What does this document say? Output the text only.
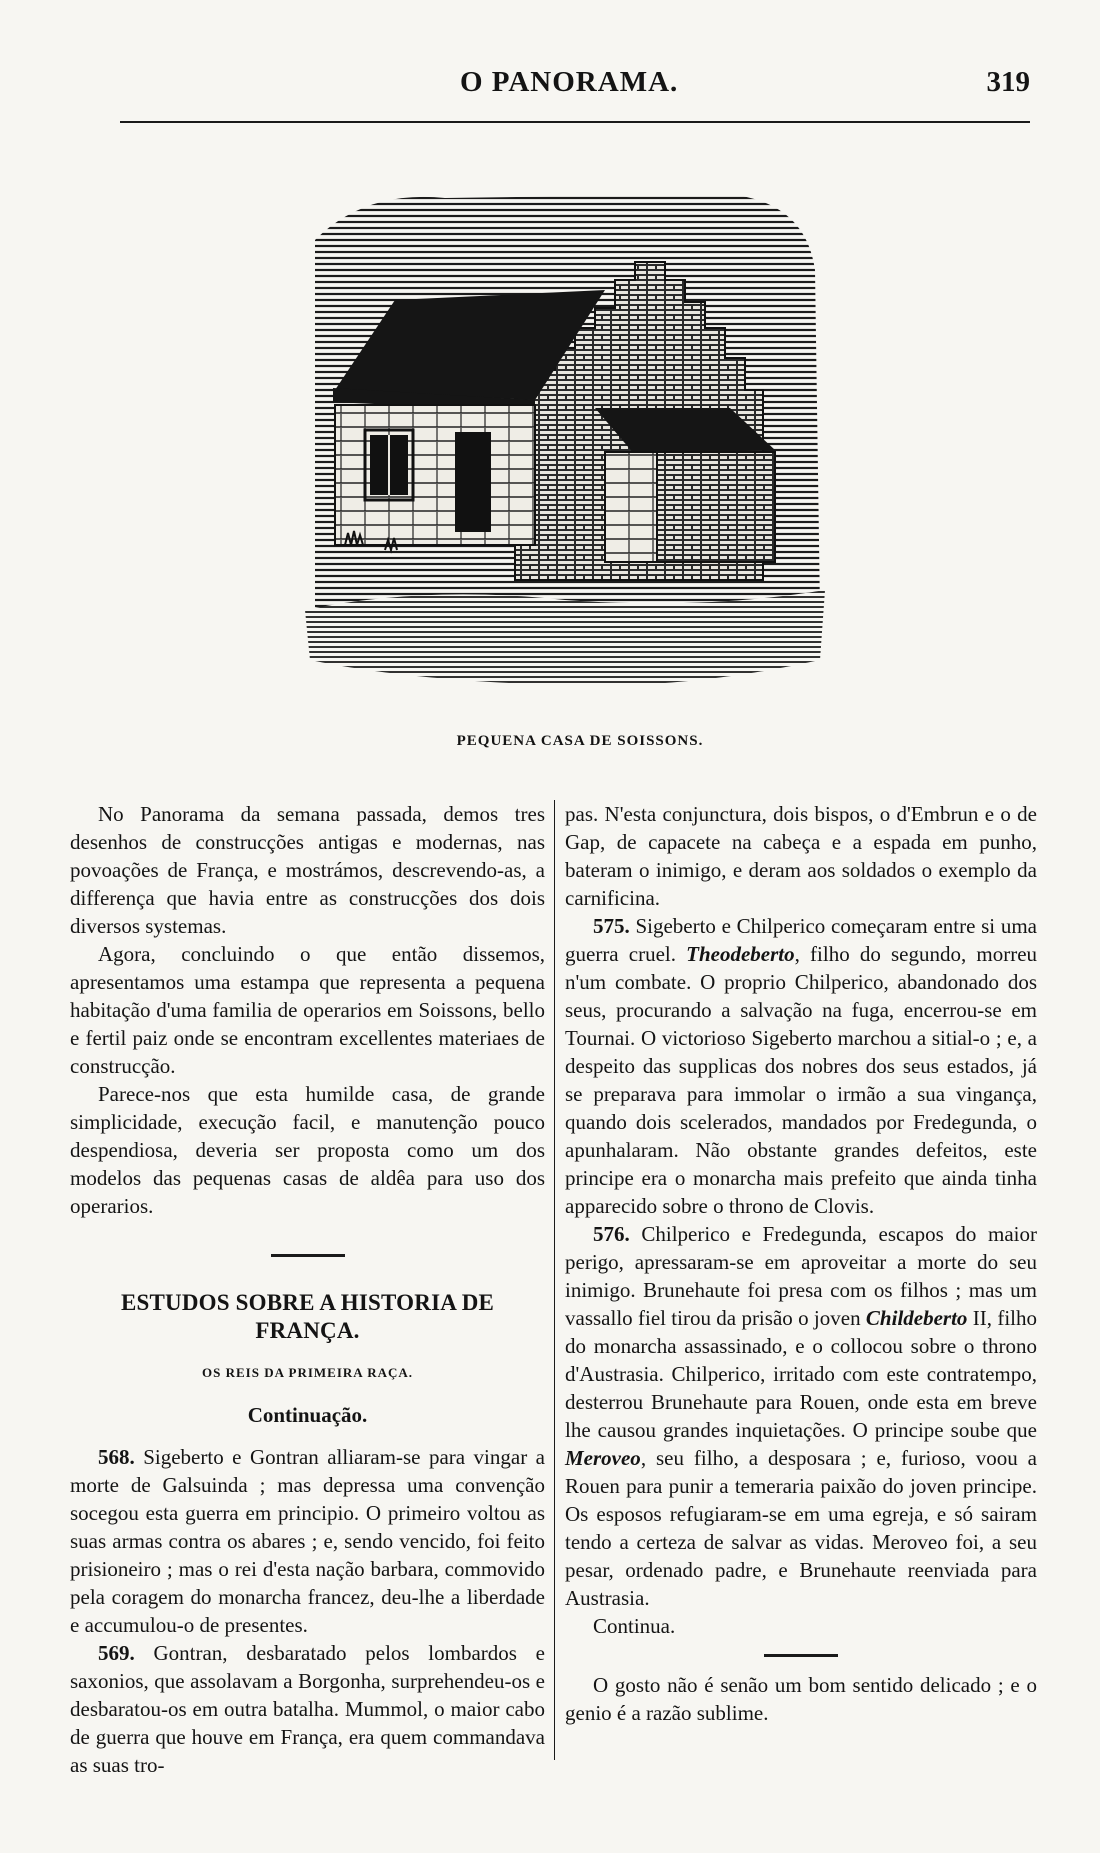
O PANORAMA.	319
PEQUENA CASA DE SOISSONS.

No Panorama da semana passada, demos tres desenhos de construcções antigas e modernas, nas povoações de França, e mostrámos, descrevendo-as, a differença que havia entre as construcções dos dois diversos systemas.

Agora, concluindo o que então dissemos, apresentamos uma estampa que representa a pequena habitação d'uma familia de operarios em Soissons, bello e fertil paiz onde se encontram excellentes materiaes de construcção.

Parece-nos que esta humilde casa, de grande simplicidade, execução facil, e manutenção pouco despendiosa, deveria ser proposta como um dos modelos das pequenas casas de aldêa para uso dos operarios.

ESTUDOS SOBRE A HISTORIA DE FRANÇA.
OS REIS DA PRIMEIRA RAÇA.
Continuação.

568. Sigeberto e Gontran alliaram-se para vingar a morte de Galsuinda ; mas depressa uma convenção socegou esta guerra em principio. O primeiro voltou as suas armas contra os abares ; e, sendo vencido, foi feito prisioneiro ; mas o rei d'esta nação barbara, commovido pela coragem do monarcha francez, deu-lhe a liberdade e accumulou-o de presentes.

569. Gontran, desbaratado pelos lombardos e saxonios, que assolavam a Borgonha, surprehendeu-os e desbaratou-os em outra batalha. Mummol, o maior cabo de guerra que houve em França, era quem commandava as suas tro-

pas. N'esta conjunctura, dois bispos, o d'Embrun e o de Gap, de capacete na cabeça e a espada em punho, bateram o inimigo, e deram aos soldados o exemplo da carnificina.

575. Sigeberto e Chilperico começaram entre si uma guerra cruel. Theodeberto, filho do segundo, morreu n'um combate. O proprio Chilperico, abandonado dos seus, procurando a salvação na fuga, encerrou-se em Tournai. O victorioso Sigeberto marchou a sitial-o ; e, a despeito das supplicas dos nobres dos seus estados, já se preparava para immolar o irmão a sua vingança, quando dois scelerados, mandados por Fredegunda, o apunhalaram. Não obstante grandes defeitos, este principe era o monarcha mais prefeito que ainda tinha apparecido sobre o throno de Clovis.

576. Chilperico e Fredegunda, escapos do maior perigo, apressaram-se em aproveitar a morte do seu inimigo. Brunehaute foi presa com os filhos ; mas um vassallo fiel tirou da prisão o joven Childeberto II, filho do monarcha assassinado, e o collocou sobre o throno d'Austrasia. Chilperico, irritado com este contratempo, desterrou Brunehaute para Rouen, onde esta em breve lhe causou grandes inquietações. O principe soube que Meroveo, seu filho, a desposara ; e, furioso, voou a Rouen para punir a temeraria paixão do joven principe. Os esposos refugiaram-se em uma egreja, e só sairam tendo a certeza de salvar as vidas. Meroveo foi, a seu pesar, ordenado padre, e Brunehaute reenviada para Austrasia.

Continua.

O gosto não é senão um bom sentido delicado ; e o genio é a razão sublime.
